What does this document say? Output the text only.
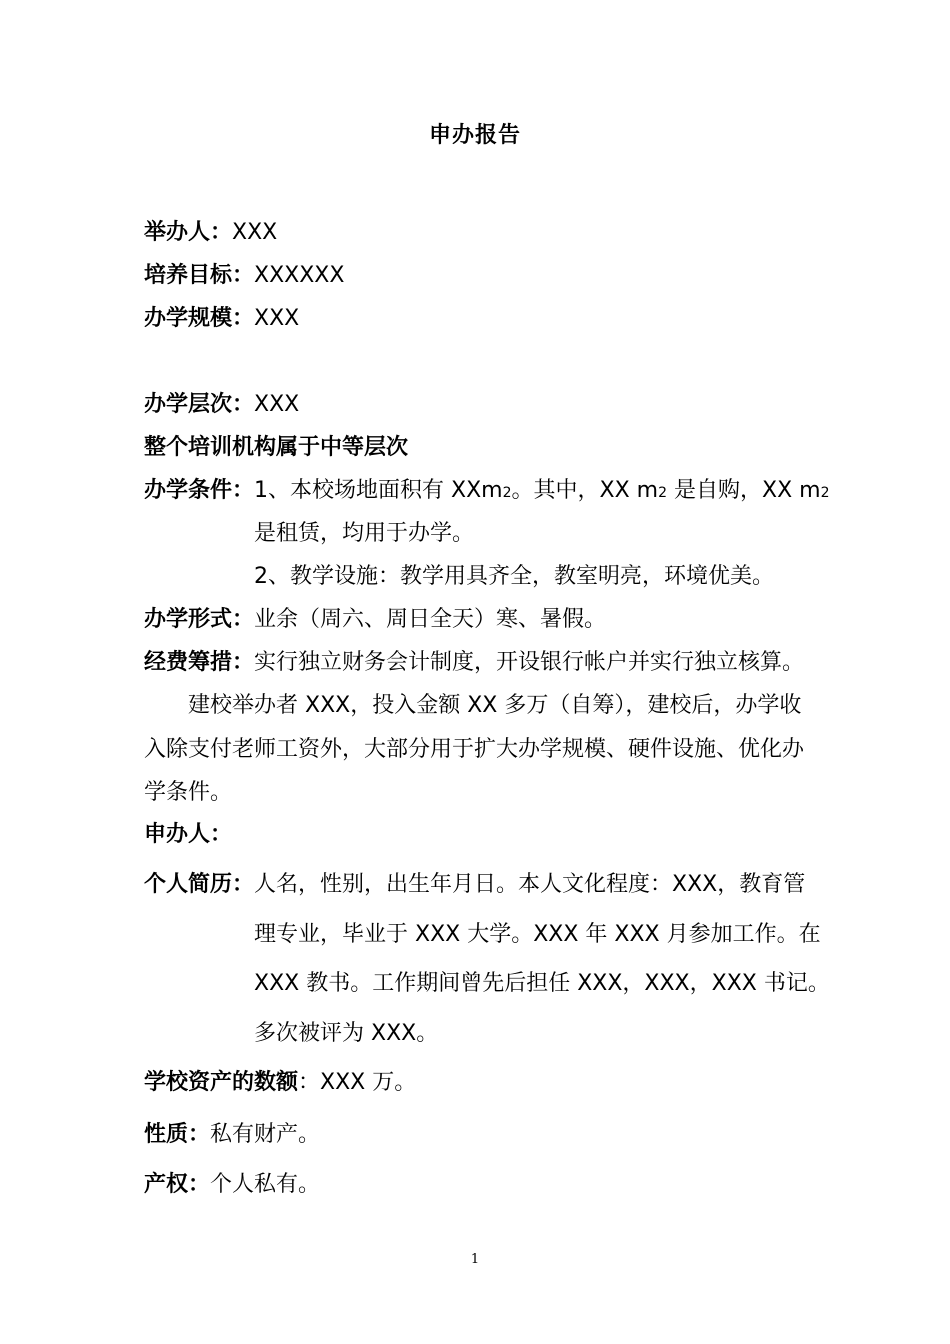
申办报告
举办人：XXX
培养目标：XXXXXX
办学规模：XXX
办学层次：XXX
整个培训机构属于中等层次
办学条件：1、本校场地面积有 XXm2。其中，XX m2 是自购，XX m2
是租赁，均用于办学。
2、教学设施：教学用具齐全，教室明亮，环境优美。
办学形式：业余（周六、周日全天）寒、暑假。
经费筹措：实行独立财务会计制度，开设银行帐户并实行独立核算。
建校举办者 XXX，投入金额 XX 多万（自筹），建校后，办学收
入除支付老师工资外，大部分用于扩大办学规模、硬件设施、优化办
学条件。
申办人：
个人简历：人名，性别，出生年月日。本人文化程度：XXX，教育管
理专业，毕业于 XXX 大学。XXX 年 XXX 月参加工作。在
XXX 教书。工作期间曾先后担任 XXX，XXX，XXX 书记。
多次被评为 XXX。
学校资产的数额：XXX 万。
性质：私有财产。
产权：个人私有。
1
